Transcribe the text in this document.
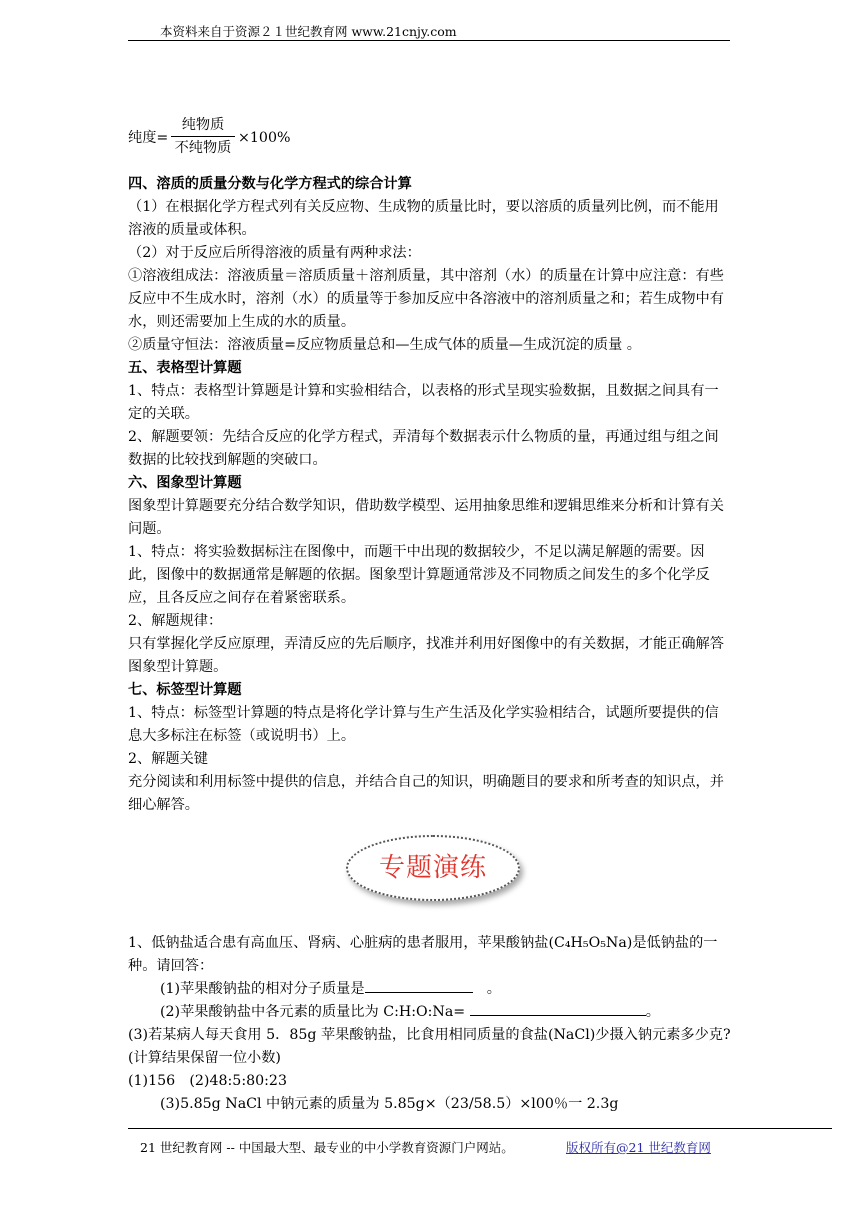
本资料来自于资源２１世纪教育网 www.21cnjy.com
纯度=
纯物质
不纯物质
×100%

四、溶质的质量分数与化学方程式的综合计算

（1）在根据化学方程式列有关反应物、生成物的质量比时，要以溶质的质量列比例，而不能用溶液的质量或体积。

（2）对于反应后所得溶液的质量有两种求法：

①溶液组成法：溶液质量＝溶质质量＋溶剂质量，其中溶剂（水）的质量在计算中应注意：有些反应中不生成水时，溶剂（水）的质量等于参加反应中各溶液中的溶剂质量之和；若生成物中有水，则还需要加上生成的水的质量。

②质量守恒法：溶液质量=反应物质量总和—生成气体的质量—生成沉淀的质量 。

五、表格型计算题

1、特点：表格型计算题是计算和实验相结合，以表格的形式呈现实验数据，且数据之间具有一定的关联。

2、解题要领：先结合反应的化学方程式，弄清每个数据表示什么物质的量，再通过组与组之间数据的比较找到解题的突破口。

六、图象型计算题

图象型计算题要充分结合数学知识，借助数学模型、运用抽象思维和逻辑思维来分析和计算有关问题。

1、特点：将实验数据标注在图像中，而题干中出现的数据较少，不足以满足解题的需要。因此，图像中的数据通常是解题的依据。图象型计算题通常涉及不同物质之间发生的多个化学反应，且各反应之间存在着紧密联系。

2、解题规律：

只有掌握化学反应原理，弄清反应的先后顺序，找准并利用好图像中的有关数据，才能正确解答图象型计算题。

七、标签型计算题

1、特点：标签型计算题的特点是将化学计算与生产生活及化学实验相结合，试题所要提供的信息大多标注在标签（或说明书）上。

2、解题关键

充分阅读和利用标签中提供的信息，并结合自己的知识，明确题目的要求和所考查的知识点，并细心解答。

专题演练

1、低钠盐适合患有高血压、肾病、心脏病的患者服用，苹果酸钠盐(C₄H₅O₅Na)是低钠盐的一种。请回答：

(1)苹果酸钠盐的相对分子质量是　	。

(2)苹果酸钠盐中各元素的质量比为 C:H:O:Na=	。

(3)若某病人每天食用 5．85g 苹果酸钠盐，比食用相同质量的食盐(NaCl)少摄入钠元素多少克?(计算结果保留一位小数)

(1)156　(2)48:5:80:23

(3)5.85g NaCl 中钠元素的质量为 5.85g×（23/58.5）×l00％一 2.3g

21 世纪教育网 -- 中国最大型、最专业的中小学教育资源门户网站。	版权所有@21 世纪教育网
